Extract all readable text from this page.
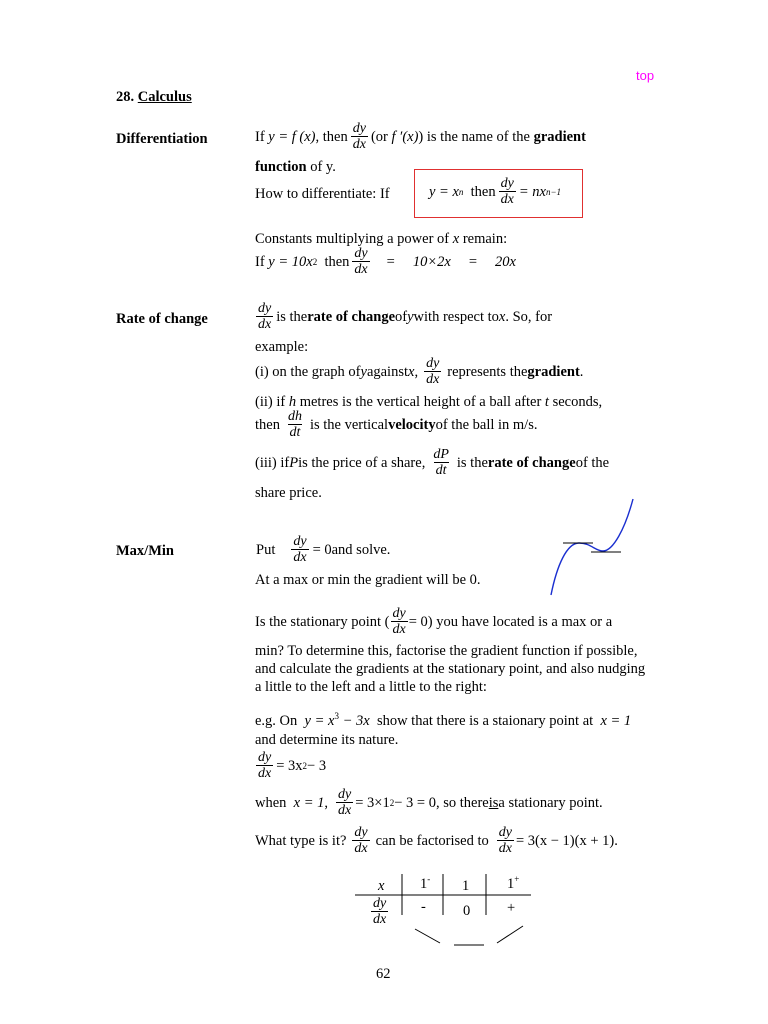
top
28. Calculus
Differentiation	If
y = f (x) , then $\frac{dy}{dx} (or$
f ′(x) ) is the name of the
gradient
function of y.
How to differentiate: If	y = x n
then $\frac{dy}{dx}$ = nx n−1
Constants multiplying a power of x remain:
If
y = 10x 2
then $\frac{dy}{dx} = 10\times 2x = 20x$
Rate of change	$\frac{dy}{dx}$ is the rate of change of y with respect to x . So, for
example:
(i) on the graph of y against x , $\frac{dy}{dx}$ represents the gradient .
(ii) if h metres is the vertical height of a ball after t seconds,
then $\frac{dh}{dt}$ is the vertical velocity of the ball in m/s.
(iii) if P is the price of a share, $\frac{dP}{dt}$ is the rate of change of the
share price.
Max/Min	Put $\frac{dy}{dx} = 0$ and solve.
At a max or min the gradient will be 0.
Is the stationary point ( $\frac{dy}{dx} = 0$ ) you have located is a max or a
min? To determine this, factorise the gradient function if possible, and calculate the gradients at the stationary point, and also nudging a little to the left and a little to the right:
e.g. On $y = x^3 - 3x$ show that there is a staionary point at x = 1
and determine its nature.
$\frac{dy}{dx} = 3x$ 2 − 3
when
x = 1 , $\frac{dy}{dx} = 3\times 1$ 2 − 3 = 0 , so there is a stationary point.
What type is it? $\frac{dy}{dx}$ can be factorised to $\frac{dy}{dx} = 3(x - 1)(x + 1)$ .
x 1- 1	1+
$\frac{dy}{dx}$ -	0	+
62
